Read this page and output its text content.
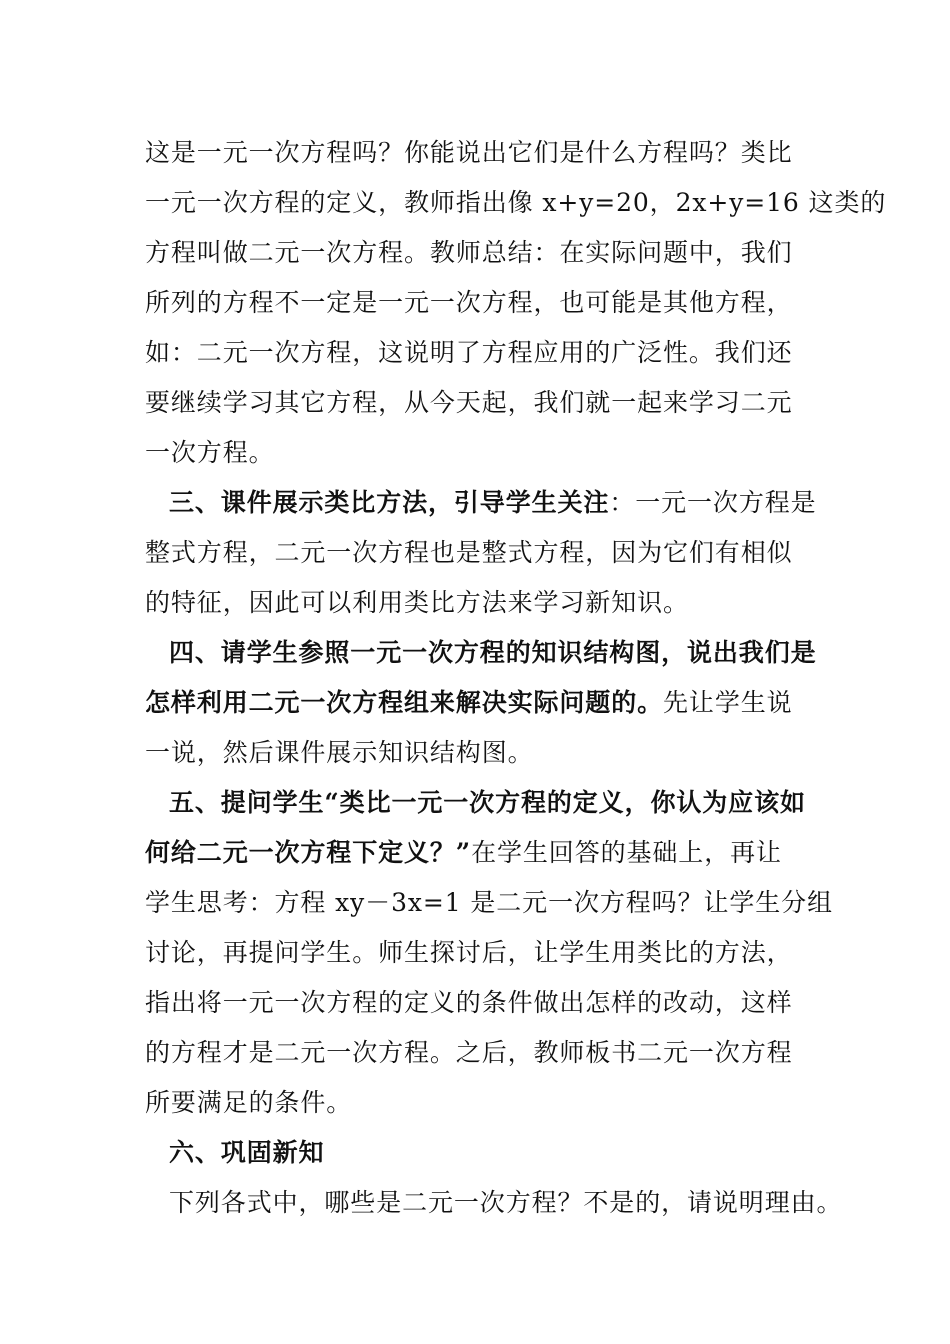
这是一元一次方程吗？你能说出它们是什么方程吗？类比
一元一次方程的定义，教师指出像 x+y=20，2x+y=16 这类的
方程叫做二元一次方程。教师总结：在实际问题中，我们
所列的方程不一定是一元一次方程，也可能是其他方程，
如：二元一次方程，这说明了方程应用的广泛性。我们还
要继续学习其它方程，从今天起，我们就一起来学习二元
一次方程。

三、课件展示类比方法，引导学生关注：一元一次方程是
整式方程，二元一次方程也是整式方程，因为它们有相似
的特征，因此可以利用类比方法来学习新知识。

四、请学生参照一元一次方程的知识结构图，说出我们是
怎样利用二元一次方程组来解决实际问题的。先让学生说
一说，然后课件展示知识结构图。

五、提问学生“类比一元一次方程的定义，你认为应该如
何给二元一次方程下定义？”在学生回答的基础上，再让
学生思考：方程 xy－3x=1 是二元一次方程吗？让学生分组
讨论，再提问学生。师生探讨后，让学生用类比的方法，
指出将一元一次方程的定义的条件做出怎样的改动，这样
的方程才是二元一次方程。之后，教师板书二元一次方程
所要满足的条件。

六、巩固新知

下列各式中，哪些是二元一次方程？不是的，请说明理由。
